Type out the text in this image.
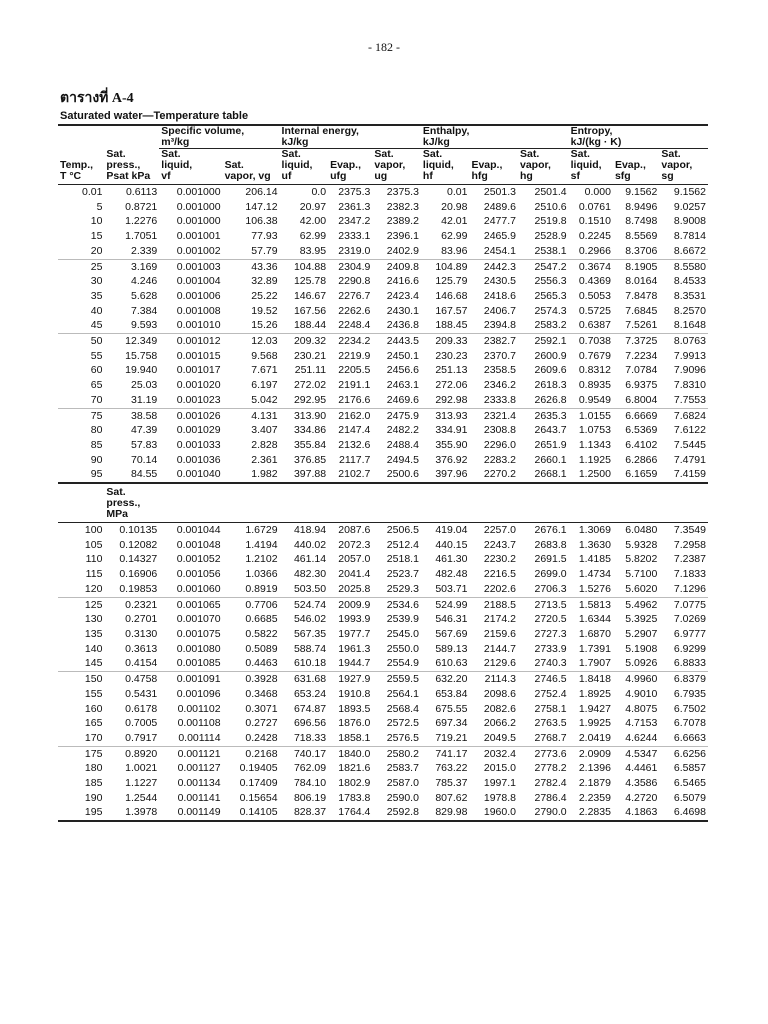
- 182 -
ตารางที่ A-4
Saturated water—Temperature table
		Specific volume,
m³/kg		Internal energy,
kJ/kg			Enthalpy,
kJ/kg			Entropy,
kJ/(kg · K)		
Temp.,
T °C	Sat.
press.,
Psat kPa	Sat.
liquid,
vf	Sat.
vapor, vg	Sat.
liquid,
uf	Evap.,
ufg	Sat.
vapor,
ug	Sat.
liquid,
hf	Evap.,
hfg	Sat.
vapor,
hg	Sat.
liquid,
sf	Evap.,
sfg	Sat.
vapor,
sg
0.01	0.6113	0.001000	206.14	0.0	2375.3	2375.3	0.01	2501.3	2501.4	0.000	9.1562	9.1562
5	0.8721	0.001000	147.12	20.97	2361.3	2382.3	20.98	2489.6	2510.6	0.0761	8.9496	9.0257
10	1.2276	0.001000	106.38	42.00	2347.2	2389.2	42.01	2477.7	2519.8	0.1510	8.7498	8.9008
15	1.7051	0.001001	77.93	62.99	2333.1	2396.1	62.99	2465.9	2528.9	0.2245	8.5569	8.7814
20	2.339	0.001002	57.79	83.95	2319.0	2402.9	83.96	2454.1	2538.1	0.2966	8.3706	8.6672
25	3.169	0.001003	43.36	104.88	2304.9	2409.8	104.89	2442.3	2547.2	0.3674	8.1905	8.5580
30	4.246	0.001004	32.89	125.78	2290.8	2416.6	125.79	2430.5	2556.3	0.4369	8.0164	8.4533
35	5.628	0.001006	25.22	146.67	2276.7	2423.4	146.68	2418.6	2565.3	0.5053	7.8478	8.3531
40	7.384	0.001008	19.52	167.56	2262.6	2430.1	167.57	2406.7	2574.3	0.5725	7.6845	8.2570
45	9.593	0.001010	15.26	188.44	2248.4	2436.8	188.45	2394.8	2583.2	0.6387	7.5261	8.1648
50	12.349	0.001012	12.03	209.32	2234.2	2443.5	209.33	2382.7	2592.1	0.7038	7.3725	8.0763
55	15.758	0.001015	9.568	230.21	2219.9	2450.1	230.23	2370.7	2600.9	0.7679	7.2234	7.9913
60	19.940	0.001017	7.671	251.11	2205.5	2456.6	251.13	2358.5	2609.6	0.8312	7.0784	7.9096
65	25.03	0.001020	6.197	272.02	2191.1	2463.1	272.06	2346.2	2618.3	0.8935	6.9375	7.8310
70	31.19	0.001023	5.042	292.95	2176.6	2469.6	292.98	2333.8	2626.8	0.9549	6.8004	7.7553
75	38.58	0.001026	4.131	313.90	2162.0	2475.9	313.93	2321.4	2635.3	1.0155	6.6669	7.6824
80	47.39	0.001029	3.407	334.86	2147.4	2482.2	334.91	2308.8	2643.7	1.0753	6.5369	7.6122
85	57.83	0.001033	2.828	355.84	2132.6	2488.4	355.90	2296.0	2651.9	1.1343	6.4102	7.5445
90	70.14	0.001036	2.361	376.85	2117.7	2494.5	376.92	2283.2	2660.1	1.1925	6.2866	7.4791
95	84.55	0.001040	1.982	397.88	2102.7	2500.6	397.96	2270.2	2668.1	1.2500	6.1659	7.4159
	Sat.
press.,
MPa											
100	0.10135	0.001044	1.6729	418.94	2087.6	2506.5	419.04	2257.0	2676.1	1.3069	6.0480	7.3549
105	0.12082	0.001048	1.4194	440.02	2072.3	2512.4	440.15	2243.7	2683.8	1.3630	5.9328	7.2958
110	0.14327	0.001052	1.2102	461.14	2057.0	2518.1	461.30	2230.2	2691.5	1.4185	5.8202	7.2387
115	0.16906	0.001056	1.0366	482.30	2041.4	2523.7	482.48	2216.5	2699.0	1.4734	5.7100	7.1833
120	0.19853	0.001060	0.8919	503.50	2025.8	2529.3	503.71	2202.6	2706.3	1.5276	5.6020	7.1296
125	0.2321	0.001065	0.7706	524.74	2009.9	2534.6	524.99	2188.5	2713.5	1.5813	5.4962	7.0775
130	0.2701	0.001070	0.6685	546.02	1993.9	2539.9	546.31	2174.2	2720.5	1.6344	5.3925	7.0269
135	0.3130	0.001075	0.5822	567.35	1977.7	2545.0	567.69	2159.6	2727.3	1.6870	5.2907	6.9777
140	0.3613	0.001080	0.5089	588.74	1961.3	2550.0	589.13	2144.7	2733.9	1.7391	5.1908	6.9299
145	0.4154	0.001085	0.4463	610.18	1944.7	2554.9	610.63	2129.6	2740.3	1.7907	5.0926	6.8833
150	0.4758	0.001091	0.3928	631.68	1927.9	2559.5	632.20	2114.3	2746.5	1.8418	4.9960	6.8379
155	0.5431	0.001096	0.3468	653.24	1910.8	2564.1	653.84	2098.6	2752.4	1.8925	4.9010	6.7935
160	0.6178	0.001102	0.3071	674.87	1893.5	2568.4	675.55	2082.6	2758.1	1.9427	4.8075	6.7502
165	0.7005	0.001108	0.2727	696.56	1876.0	2572.5	697.34	2066.2	2763.5	1.9925	4.7153	6.7078
170	0.7917	0.001114	0.2428	718.33	1858.1	2576.5	719.21	2049.5	2768.7	2.0419	4.6244	6.6663
175	0.8920	0.001121	0.2168	740.17	1840.0	2580.2	741.17	2032.4	2773.6	2.0909	4.5347	6.6256
180	1.0021	0.001127	0.19405	762.09	1821.6	2583.7	763.22	2015.0	2778.2	2.1396	4.4461	6.5857
185	1.1227	0.001134	0.17409	784.10	1802.9	2587.0	785.37	1997.1	2782.4	2.1879	4.3586	6.5465
190	1.2544	0.001141	0.15654	806.19	1783.8	2590.0	807.62	1978.8	2786.4	2.2359	4.2720	6.5079
195	1.3978	0.001149	0.14105	828.37	1764.4	2592.8	829.98	1960.0	2790.0	2.2835	4.1863	6.4698
